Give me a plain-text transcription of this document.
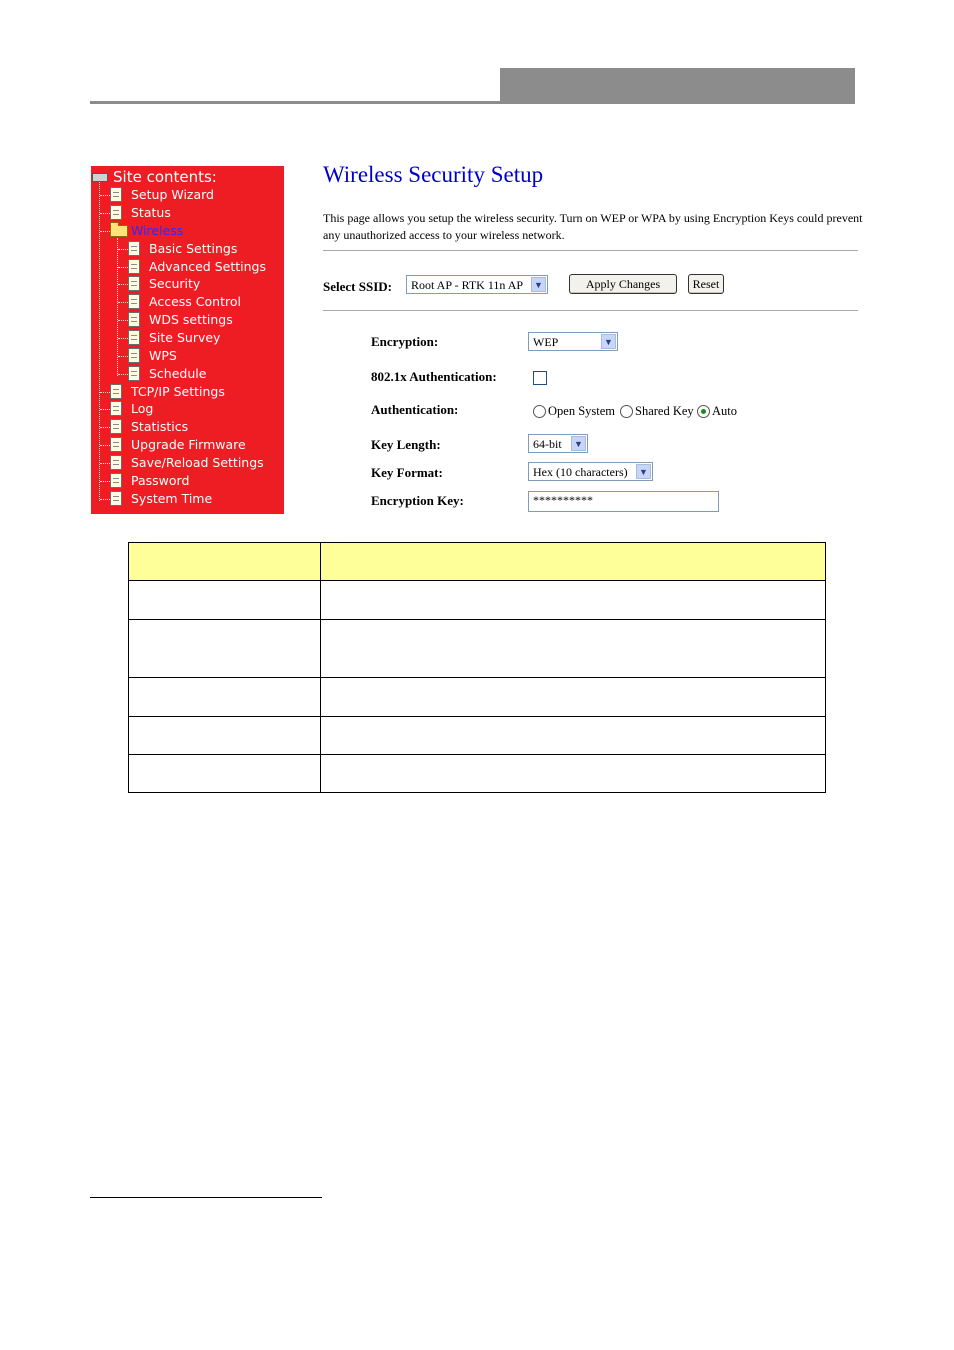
Site contents:
Setup Wizard
Status
Wireless
Basic Settings
Advanced Settings
Security
Access Control
WDS settings
Site Survey
WPS
Schedule
TCP/IP Settings
Log
Statistics
Upgrade Firmware
Save/Reload Settings
Password
System Time
Wireless Security Setup
This page allows you setup the wireless security. Turn on WEP or WPA by using Encryption Keys could prevent any unauthorized access to your wireless network.
Select SSID:	Root AP - RTK 11n AP	▼	Apply Changes	Reset
Encryption:	WEP	▼
802.1x Authentication:
Authentication:	Open System Shared Key Auto
Key Length:	64-bit	▼
Key Format:	Hex (10 characters)	▼
Encryption Key:	**********
